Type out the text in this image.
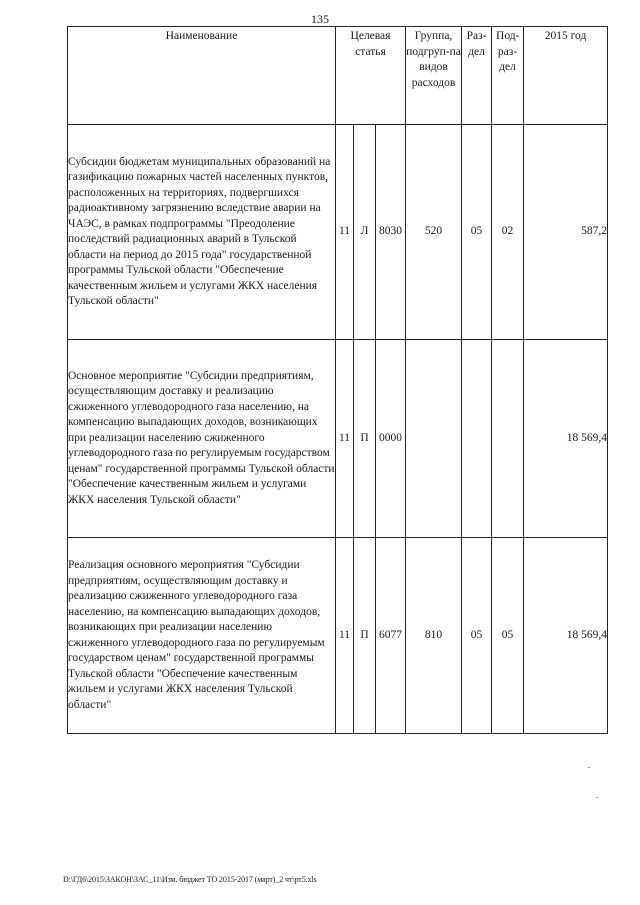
135
Наименование	Целевая статья			Группа, подгруп-па видов расходов	Раз-дел	Под-раз-дел	2015 год
Субсидии бюджетам муниципальных образований на газификацию пожарных частей населенных пунктов, расположенных на территориях, подвергшихся радиоактивному загрязнению вследствие аварии на ЧАЭС, в рамках подпрограммы "Преодоление последствий радиационных аварий в Тульской области на период до 2015 года" государственной программы Тульской области "Обеспечение качественным жильем и услугами ЖКХ населения Тульской области"	11	Л	8030	520	05	02	587,2
Основное мероприятие "Субсидии предприятиям, осуществляющим доставку и реализацию сжиженного углеводородного газа населению, на компенсацию выпадающих доходов, возникающих при реализации населению сжиженного углеводородного газа по регулируемым государством ценам" государственной программы Тульской области "Обеспечение качественным жильем и услугами ЖКХ населения Тульской области"	11	П	0000				18 569,4
Реализация основного мероприятия "Субсидии предприятиям, осуществляющим доставку и реализацию сжиженного углеводородного газа населению, на компенсацию выпадающих доходов, возникающих при реализации населению сжиженного углеводородного газа по регулируемым государством ценам" государственной программы Тульской области "Обеспечение качественным жильем и услугами ЖКХ населения Тульской области"	11	П	6077	810	05	05	18 569,4
D:\ГД6\2015\ЗАКОН\ЗАС_11\Изм. бюджет ТО 2015-2017 (март)_2 чт\рт5.xls
